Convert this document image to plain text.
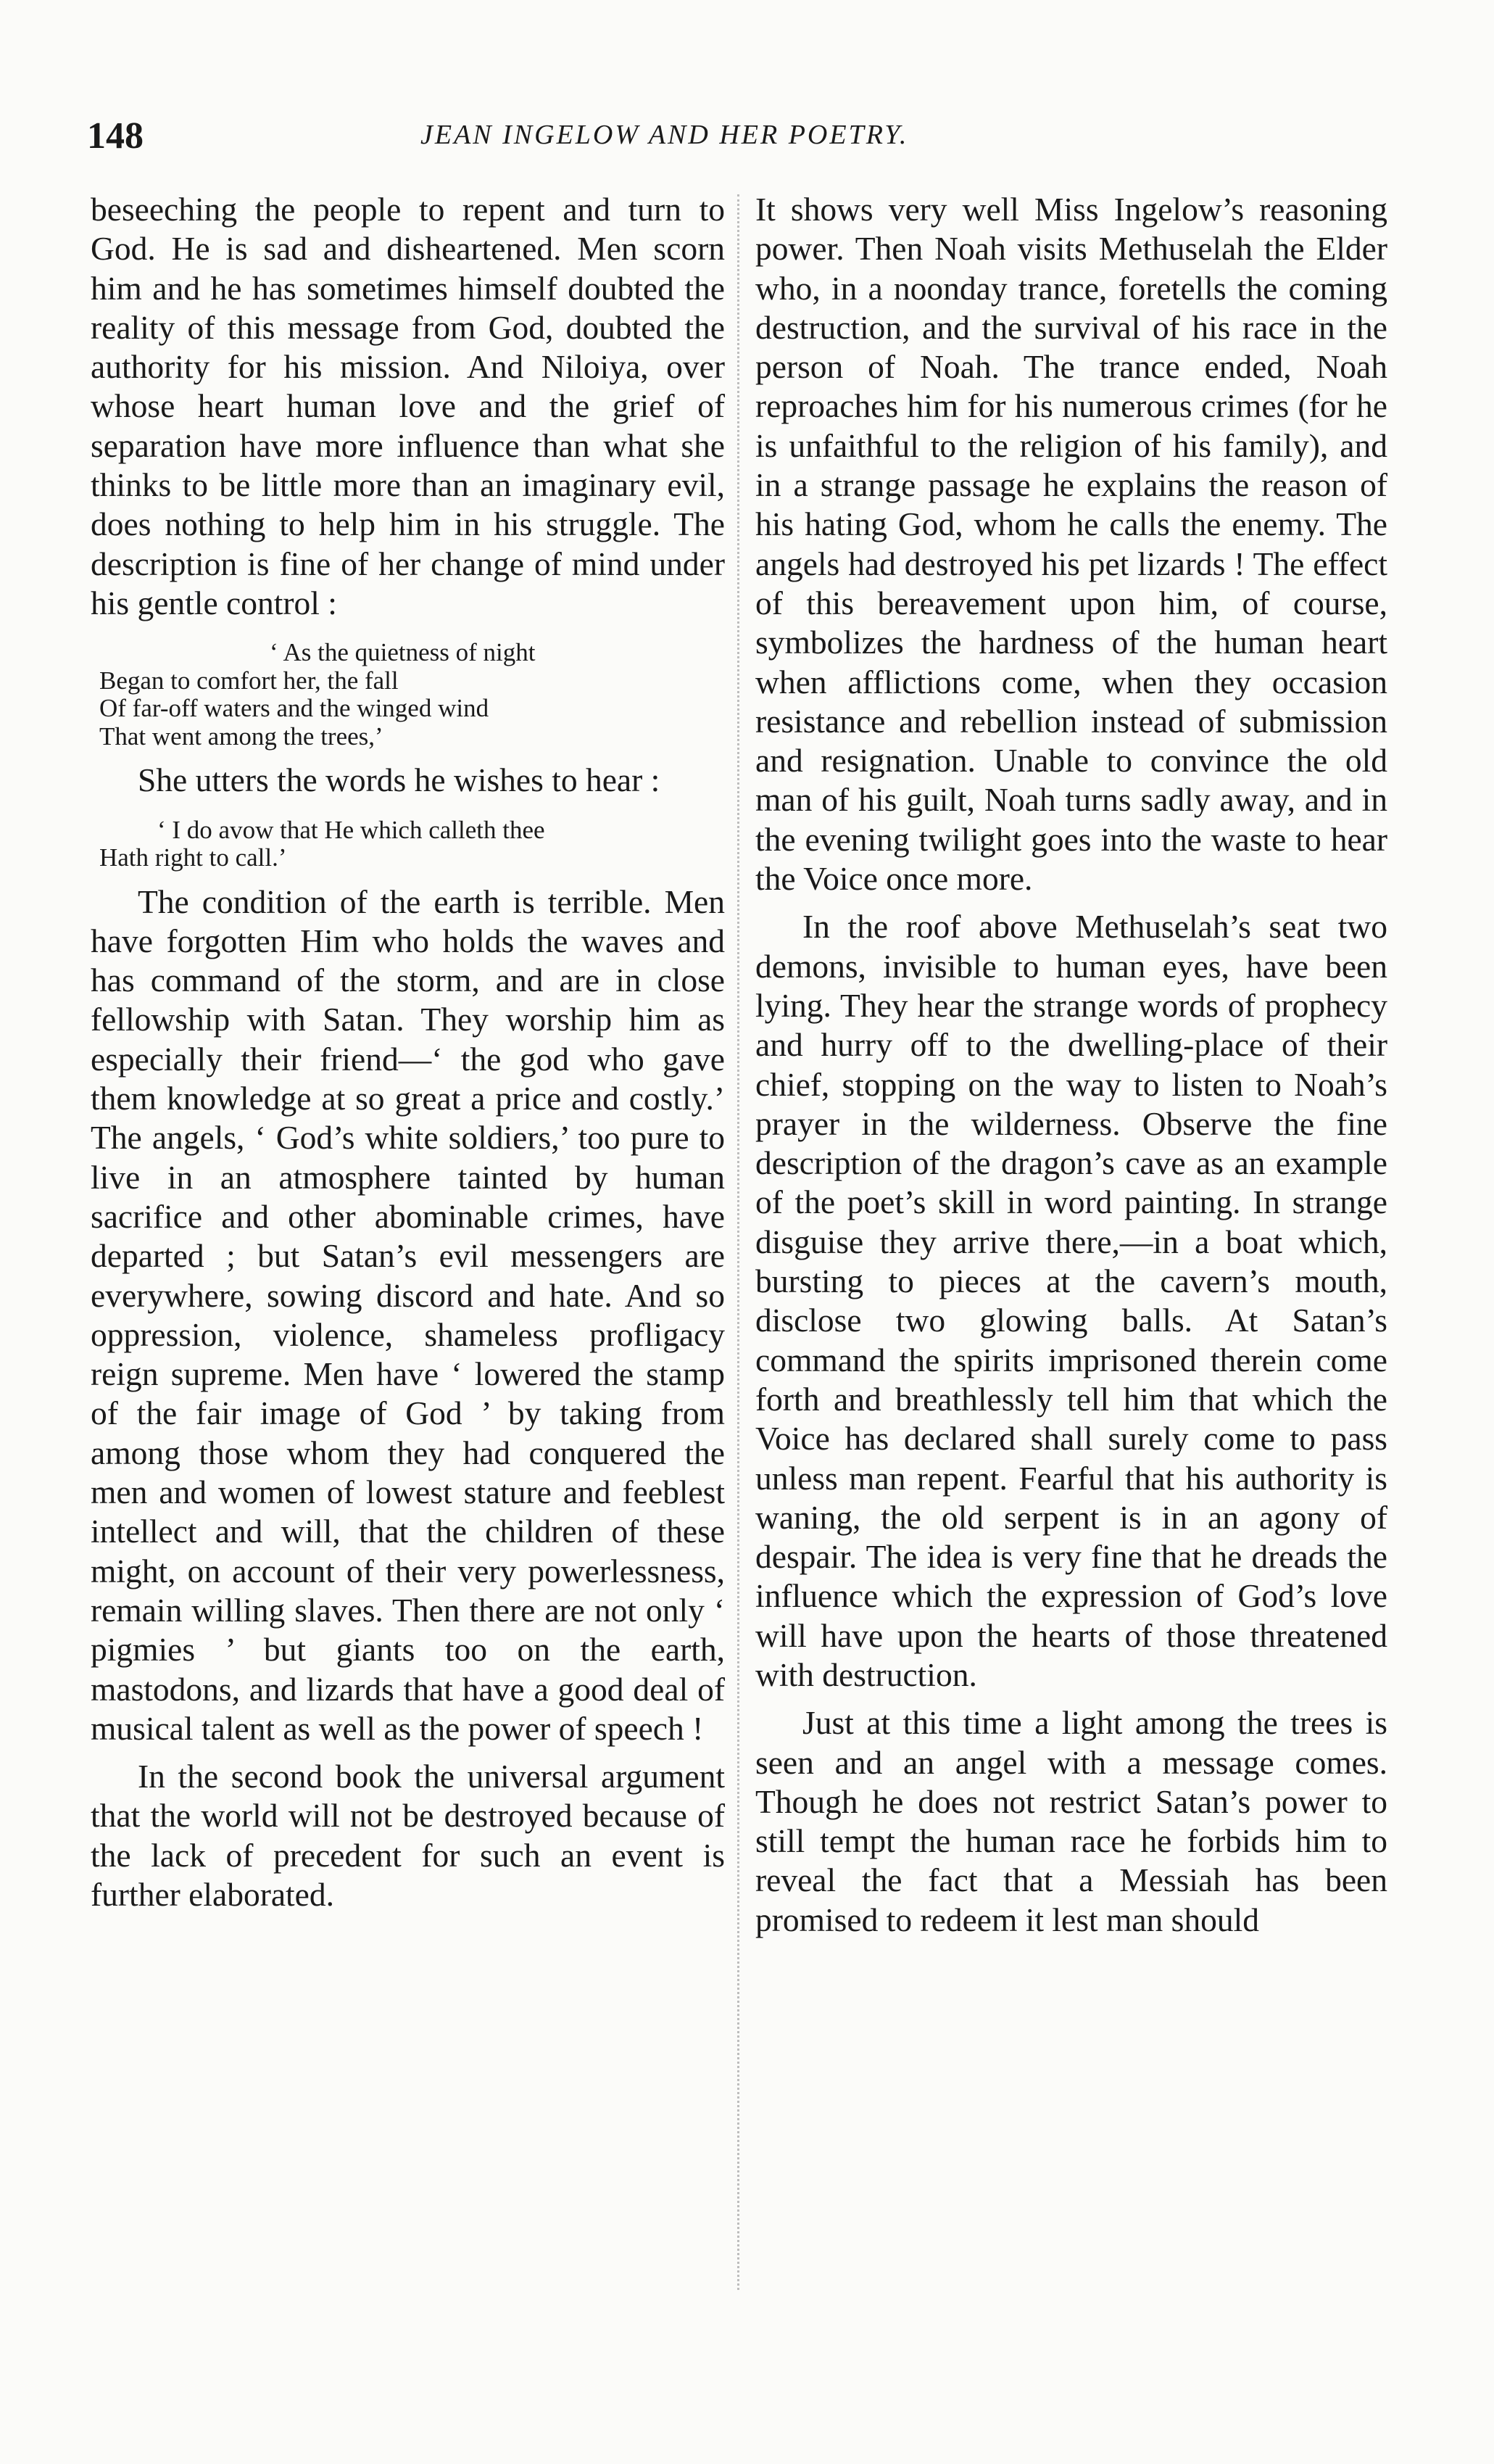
148	JEAN INGELOW AND HER POETRY.

beseeching the people to repent and turn to God. He is sad and disheartened. Men scorn him and he has sometimes himself doubted the reality of this message from God, doubted the authority for his mission. And Niloiya, over whose heart human love and the grief of separation have more influence than what she thinks to be little more than an imaginary evil, does nothing to help him in his struggle. The description is fine of her change of mind under his gentle control :

‘ As the quietness of night
Began to comfort her, the fall
Of far-off waters and the winged wind
That went among the trees,’

She utters the words he wishes to hear :

‘ I do avow that He which calleth thee
Hath right to call.’

The condition of the earth is terrible. Men have forgotten Him who holds the waves and has command of the storm, and are in close fellowship with Satan. They worship him as especially their friend—‘ the god who gave them knowledge at so great a price and costly.’ The angels, ‘ God’s white soldiers,’ too pure to live in an atmosphere tainted by human sacrifice and other abominable crimes, have departed ; but Satan’s evil messengers are everywhere, sowing discord and hate. And so oppression, violence, shameless profligacy reign supreme. Men have ‘ lowered the stamp of the fair image of God ’ by taking from among those whom they had conquered the men and women of lowest stature and feeblest intellect and will, that the children of these might, on account of their very powerlessness, remain willing slaves. Then there are not only ‘ pigmies ’ but giants too on the earth, mastodons, and lizards that have a good deal of musical talent as well as the power of speech !

In the second book the universal argument that the world will not be destroyed because of the lack of precedent for such an event is further elaborated.

It shows very well Miss Ingelow’s reasoning power. Then Noah visits Methuselah the Elder who, in a noonday trance, foretells the coming destruction, and the survival of his race in the person of Noah. The trance ended, Noah reproaches him for his numerous crimes (for he is unfaithful to the religion of his family), and in a strange passage he explains the reason of his hating God, whom he calls the enemy. The angels had destroyed his pet lizards ! The effect of this bereavement upon him, of course, symbolizes the hardness of the human heart when afflictions come, when they occasion resistance and rebellion instead of submission and resignation. Unable to convince the old man of his guilt, Noah turns sadly away, and in the evening twilight goes into the waste to hear the Voice once more.

In the roof above Methuselah’s seat two demons, invisible to human eyes, have been lying. They hear the strange words of prophecy and hurry off to the dwelling-place of their chief, stopping on the way to listen to Noah’s prayer in the wilderness. Observe the fine description of the dragon’s cave as an example of the poet’s skill in word painting. In strange disguise they arrive there,—in a boat which, bursting to pieces at the cavern’s mouth, disclose two glowing balls. At Satan’s command the spirits imprisoned therein come forth and breathlessly tell him that which the Voice has declared shall surely come to pass unless man repent. Fearful that his authority is waning, the old serpent is in an agony of despair. The idea is very fine that he dreads the influence which the expression of God’s love will have upon the hearts of those threatened with destruction.

Just at this time a light among the trees is seen and an angel with a message comes. Though he does not restrict Satan’s power to still tempt the human race he forbids him to reveal the fact that a Messiah has been promised to redeem it lest man should
